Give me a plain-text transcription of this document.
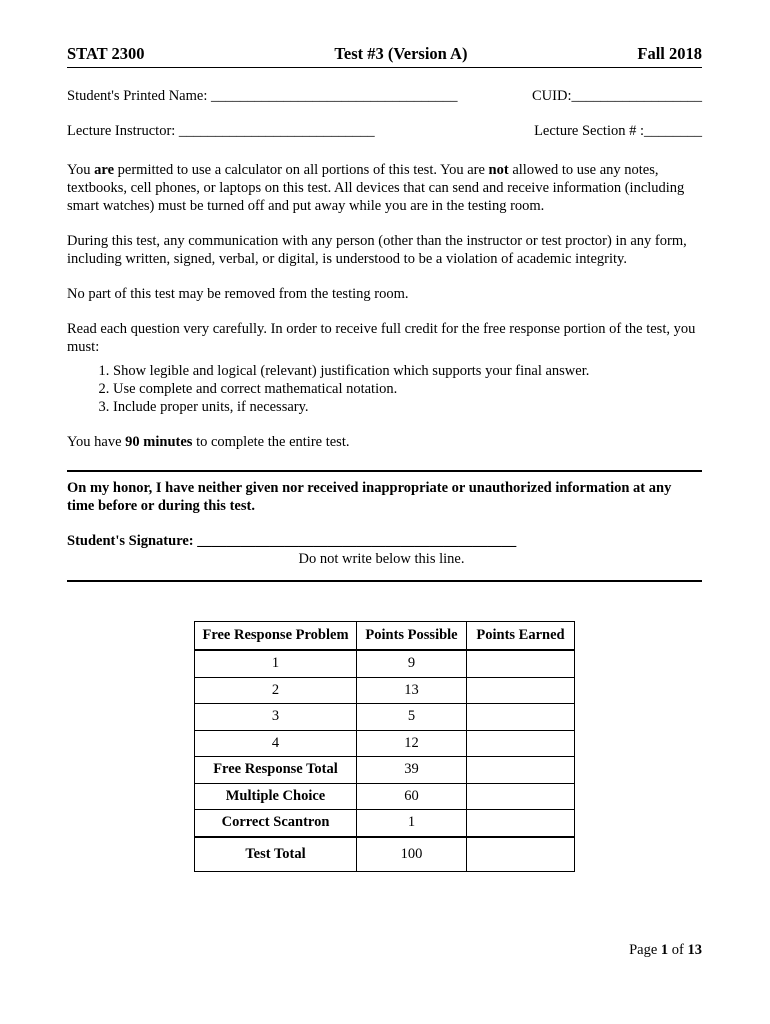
STAT 2300	Test #3 (Version A)	Fall 2018
Student's Printed Name: __________________________________	CUID:__________________
Lecture Instructor: ___________________________	Lecture Section # :________

You are permitted to use a calculator on all portions of this test. You are not allowed to use any notes, textbooks, cell phones, or laptops on this test. All devices that can send and receive information (including smart watches) must be turned off and put away while you are in the testing room.

During this test, any communication with any person (other than the instructor or test proctor) in any form, including written, signed, verbal, or digital, is understood to be a violation of academic integrity.

No part of this test may be removed from the testing room.

Read each question very carefully. In order to receive full credit for the free response portion of the test, you must:

1. Show legible and logical (relevant) justification which supports your final answer.
2. Use complete and correct mathematical notation.
3. Include proper units, if necessary.

You have 90 minutes to complete the entire test.

On my honor, I have neither given nor received inappropriate or unauthorized information at any time before or during this test.

Student's Signature: ____________________________________________

Do not write below this line.

Free Response Problem	Points Possible	Points Earned
1	9	
2	13	
3	5	
4	12	
Free Response Total	39	
Multiple Choice	60	
Correct Scantron	1	
Test Total	100	
Page 1 of 13
